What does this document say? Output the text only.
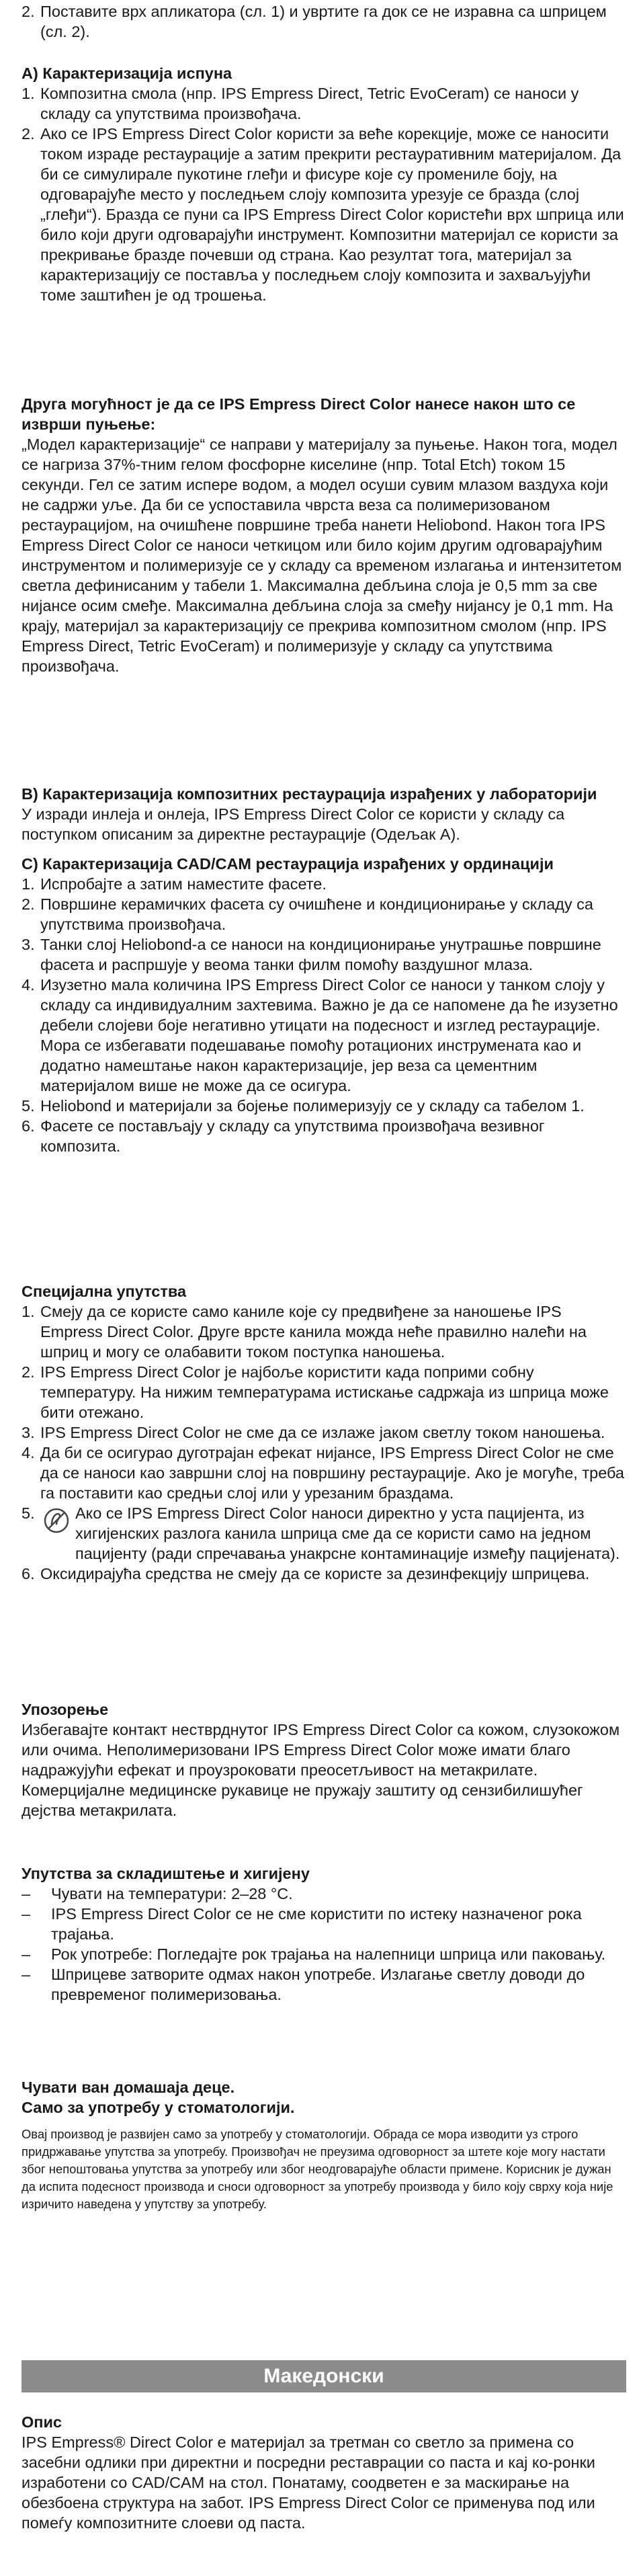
2. Поставите врх апликатора (сл. 1) и увртите га док се не изравна са шприцем (сл. 2).

A) Карактеризација испуна

1. Композитна смола (нпр. IPS Empress Direct, Tetric EvoCeram) се наноси у складу са упутствима произвођача.
2. Ако се IPS Empress Direct Color користи за веће корекције, може се наносити током израде рестаурације а затим прекрити рестауративним материјалом. Да би се симулирале пукотине глеђи и фисуре које су промениле боју, на одговарајуће место у последњем слоју композита урезује се бразда (слој „глеђи“). Бразда се пуни са IPS Empress Direct Color користећи врх шприца или било који други одговарајући инструмент. Композитни материјал се користи за прекривање бразде почевши од страна. Као резултат тога, материјал за карактеризацију се поставља у последњем слоју композита и захваљујући томе заштићен је од трошења.

Друга могућност је да се IPS Empress Direct Color нанесе након што се изврши пуњење:

„Модел карактеризације“ се направи у материјалу за пуњење. Након тога, модел се нагриза 37%-тним гелом фосфорне киселине (нпр. Total Etch) током 15 секунди. Гел се затим испере водом, а модел осуши сувим млазом ваздуха који не садржи уље. Да би се успоставила чврста веза са полимеризованом рестаурацијом, на очишћене површине треба нанети Heliobond. Након тога IPS Empress Direct Color се наноси четкицом или било којим другим одговарајућим инструментом и полимеризује се у складу са временом излагања и интензитетом светла дефинисаним у табели 1. Максимална дебљина слоја је 0,5 mm за све нијансе осим смеђе. Максимална дебљина слоја за смеђу нијансу је 0,1 mm. На крају, материјал за карактеризацију се прекрива композитном смолом (нпр. IPS Empress Direct, Tetric EvoCeram) и полимеризује у складу са упутствима произвођача.

B) Карактеризација композитних рестаурација израђених у лабораторији

У изради инлеја и онлеја, IPS Empress Direct Color се користи у складу са поступком описаним за директне рестаурације (Одељак A).

C) Карактеризација CAD/CAM рестаурација израђених у ординацији

1. Испробајте а затим наместите фасете.
2. Површине керамичких фасета су очишћене и кондиционирање у складу са упутствима произвођача.
3. Танки слој Heliobond-а се наноси на кондиционирање унутрашње површине фасета и распршује у веома танки филм помоћу ваздушног млаза.
4. Изузетно мала количина IPS Empress Direct Color се наноси у танком слоју у складу са индивидуалним захтевима. Важно је да се напомене да ће изузетно дебели слојеви боје негативно утицати на подесност и изглед рестаурације. Мора се избегавати подешавање помоћу ротационих инструмената као и додатно намештање након карактеризације, јер веза са цементним материјалом више не може да се осигура.
5. Heliobond и материјали за бојење полимеризују се у складу са табелом 1.
6. Фасете се постављају у складу са упутствима произвођача везивног композита.

Специјална упутства

1. Смеју да се користе само канилe које су предвиђене за наношење IPS Empress Direct Color. Друге врсте канила можда неће правилно налећи на шприц и могу се олабавити током поступка наношења.
2. IPS Empress Direct Color је најбоље користити када поприми собну температуру. На нижим температурама истискање садржаја из шприца може бити отежано.
3. IPS Empress Direct Color не сме да се излаже јаком светлу током наношења.
4. Да би се осигурао дуготрајан ефекат нијансе, IPS Empress Direct Color не сме да се наноси као завршни слој на површину рестаурације. Ако је могуће, треба га поставити као средњи слој или у урезаним браздама.
5.	Ако се IPS Empress Direct Color наноси директно у уста пацијента, из хигијенских разлога канила шприца сме да се користи само на једном пацијенту (ради спречавања унакрсне контаминације између пацијената).
6. Оксидирајућа средства не смеју да се користе за дезинфекцију шприцева.

Упозорење

Избегавајте контакт нестврднутог IPS Empress Direct Color са кожом, слузокожом или очима. Неполимеризовани IPS Empress Direct Color може имати благо надражујући ефекат и проузроковати преосетљивост на метакрилате. Комерцијалне медицинске рукавице не пружају заштиту од сензибилишућег дејства метакрилата.

Упутства за складиштење и хигијену

– Чувати на температури: 2–28 °C.
– IPS Empress Direct Color се не сме користити по истеку назначеног рока трајања.
– Рок употребе: Погледајте рок трајања на налепници шприца или паковању.
– Шприцеве затворите одмах након употребе. Излагање светлу доводи до превременог полимеризовања.

Чувати ван домашаја деце.

Само за употребу у стоматологији.

Овај производ је развијен само за употребу у стоматологији. Обрада се мора изводити уз строго придржавање упутства за употребу. Произвођач не преузима одговорност за штете које могу настати због непоштовања упутства за употребу или због неодговарајуће области примене. Корисник је дужан да испита подесност производа и сноси одговорност за употребу производа у било коју сврху која није изричито наведена у упутству за употребу.

Македонски

Опис

IPS Empress® Direct Color е материјал за третман со светло за примена со засебни одлики при директни и посредни реставрации со паста и кај ко-ронки изработени со CAD/CAM на стол. Понатаму, соодветен е за маскирање на обезбоена структура на забот. IPS Empress Direct Color се применува под или помеѓу композитните слоеви од паста.
